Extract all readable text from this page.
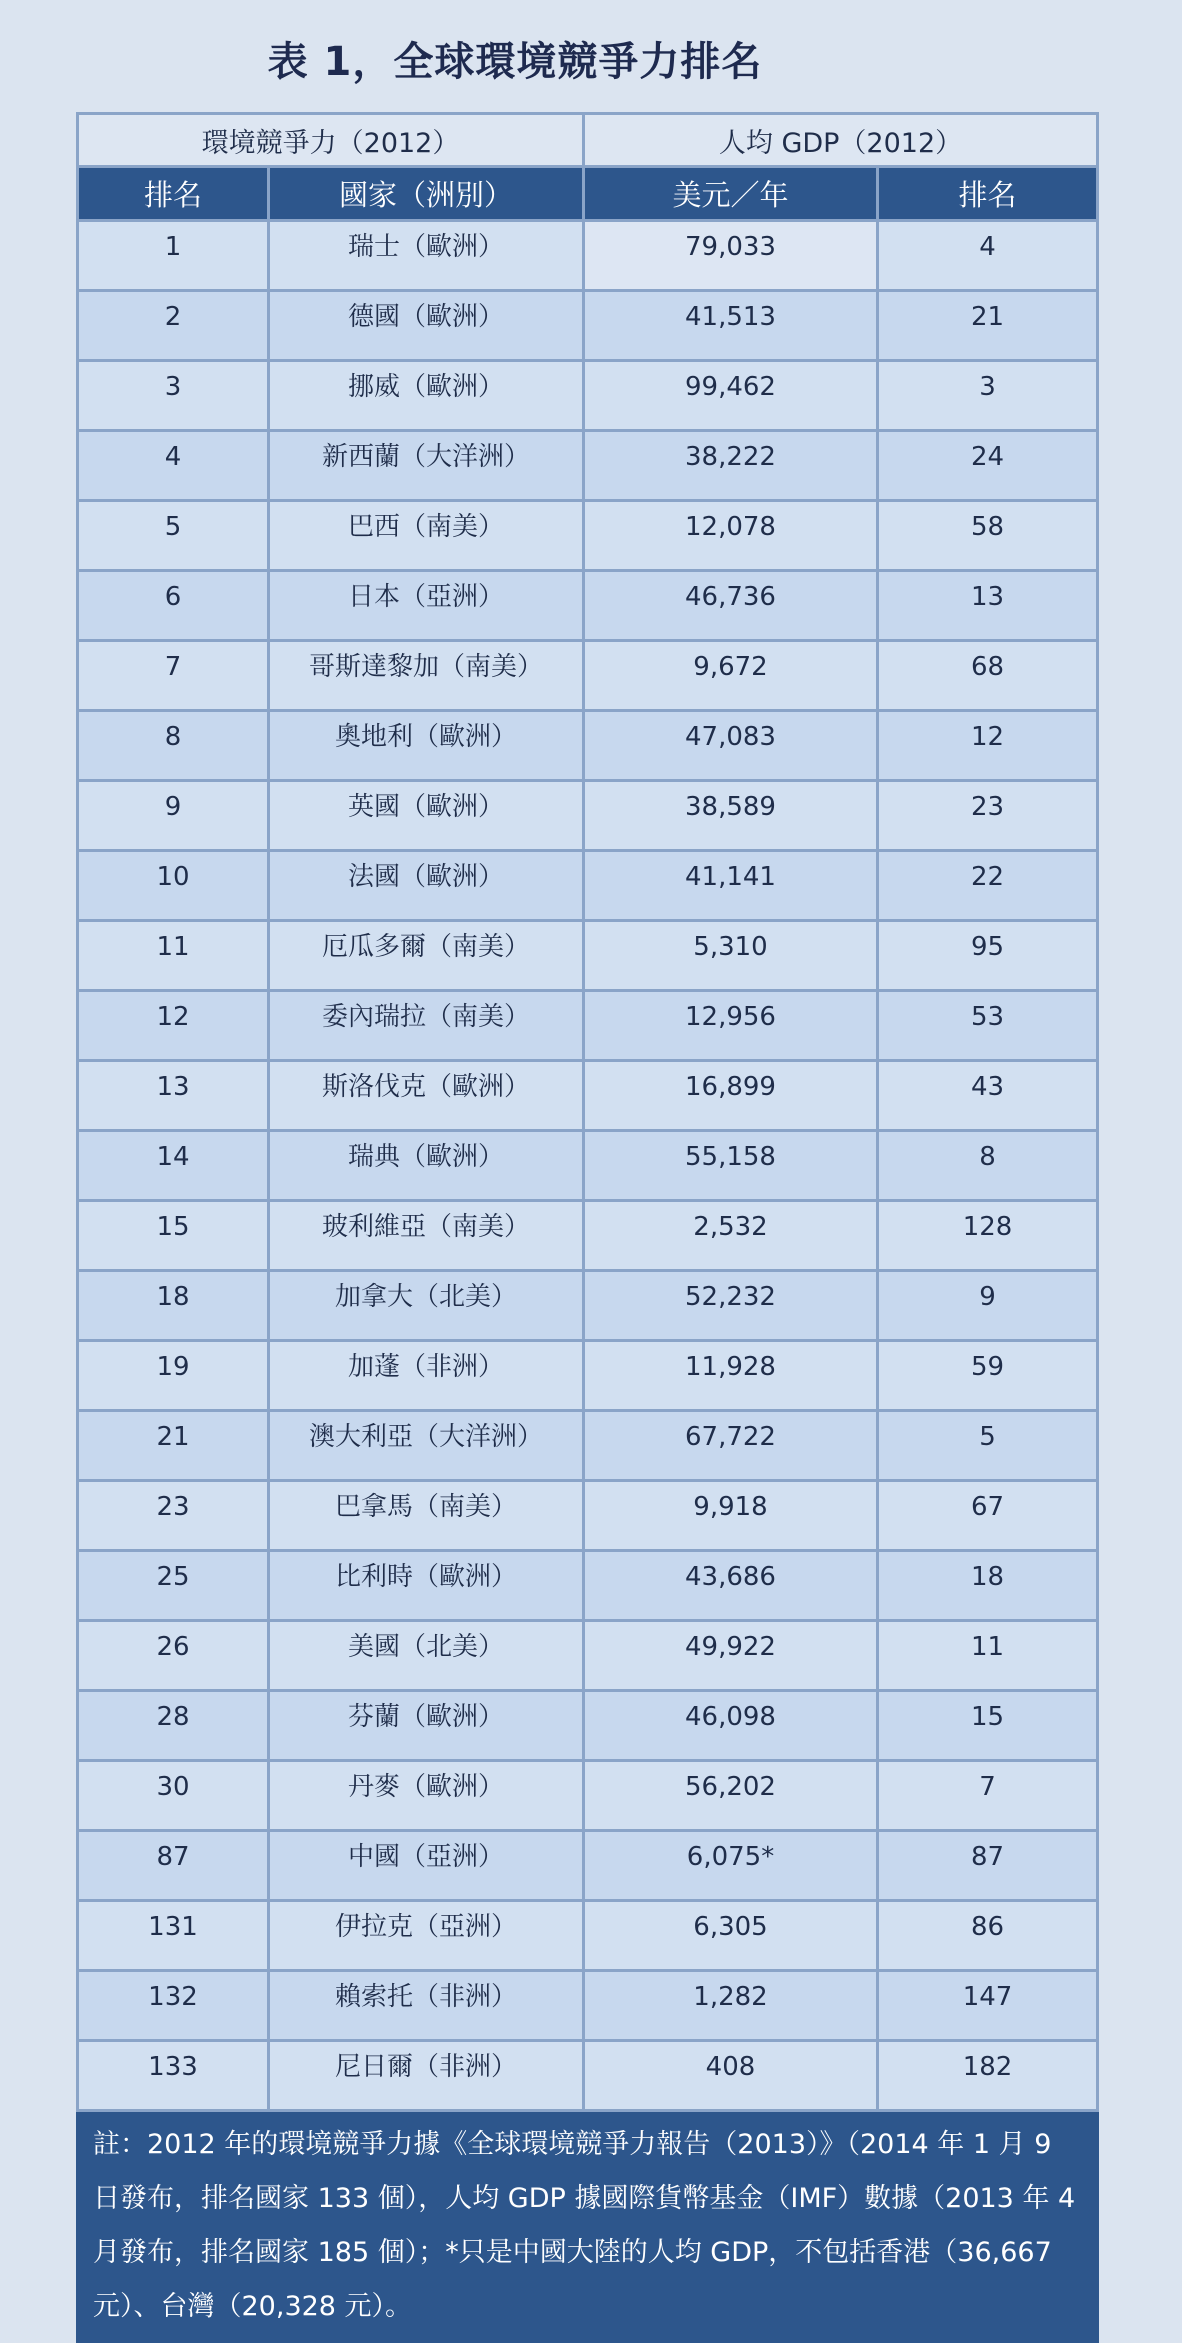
表 1，全球環境競爭力排名
環境競爭力（2012）		人均 GDP（2012）	
排名	國家（洲別）	美元／年	排名
1	瑞士（歐洲）	79,033	4
2	德國（歐洲）	41,513	21
3	挪威（歐洲）	99,462	3
4	新西蘭（大洋洲）	38,222	24
5	巴西（南美）	12,078	58
6	日本（亞洲）	46,736	13
7	哥斯達黎加（南美）	9,672	68
8	奧地利（歐洲）	47,083	12
9	英國（歐洲）	38,589	23
10	法國（歐洲）	41,141	22
11	厄瓜多爾（南美）	5,310	95
12	委內瑞拉（南美）	12,956	53
13	斯洛伐克（歐洲）	16,899	43
14	瑞典（歐洲）	55,158	8
15	玻利維亞（南美）	2,532	128
18	加拿大（北美）	52,232	9
19	加蓬（非洲）	11,928	59
21	澳大利亞（大洋洲）	67,722	5
23	巴拿馬（南美）	9,918	67
25	比利時（歐洲）	43,686	18
26	美國（北美）	49,922	11
28	芬蘭（歐洲）	46,098	15
30	丹麥（歐洲）	56,202	7
87	中國（亞洲）	6,075*	87
131	伊拉克（亞洲）	6,305	86
132	賴索托（非洲）	1,282	147
133	尼日爾（非洲）	408	182
註：2012 年的環境競爭力據《全球環境競爭力報告（2013）》（2014 年 1 月 9 日發布，排名國家 133 個），人均 GDP 據國際貨幣基金（IMF）數據（2013 年 4 月發布，排名國家 185 個）；*只是中國大陸的人均 GDP，不包括香港（36,667 元）、台灣（20,328 元）。			
